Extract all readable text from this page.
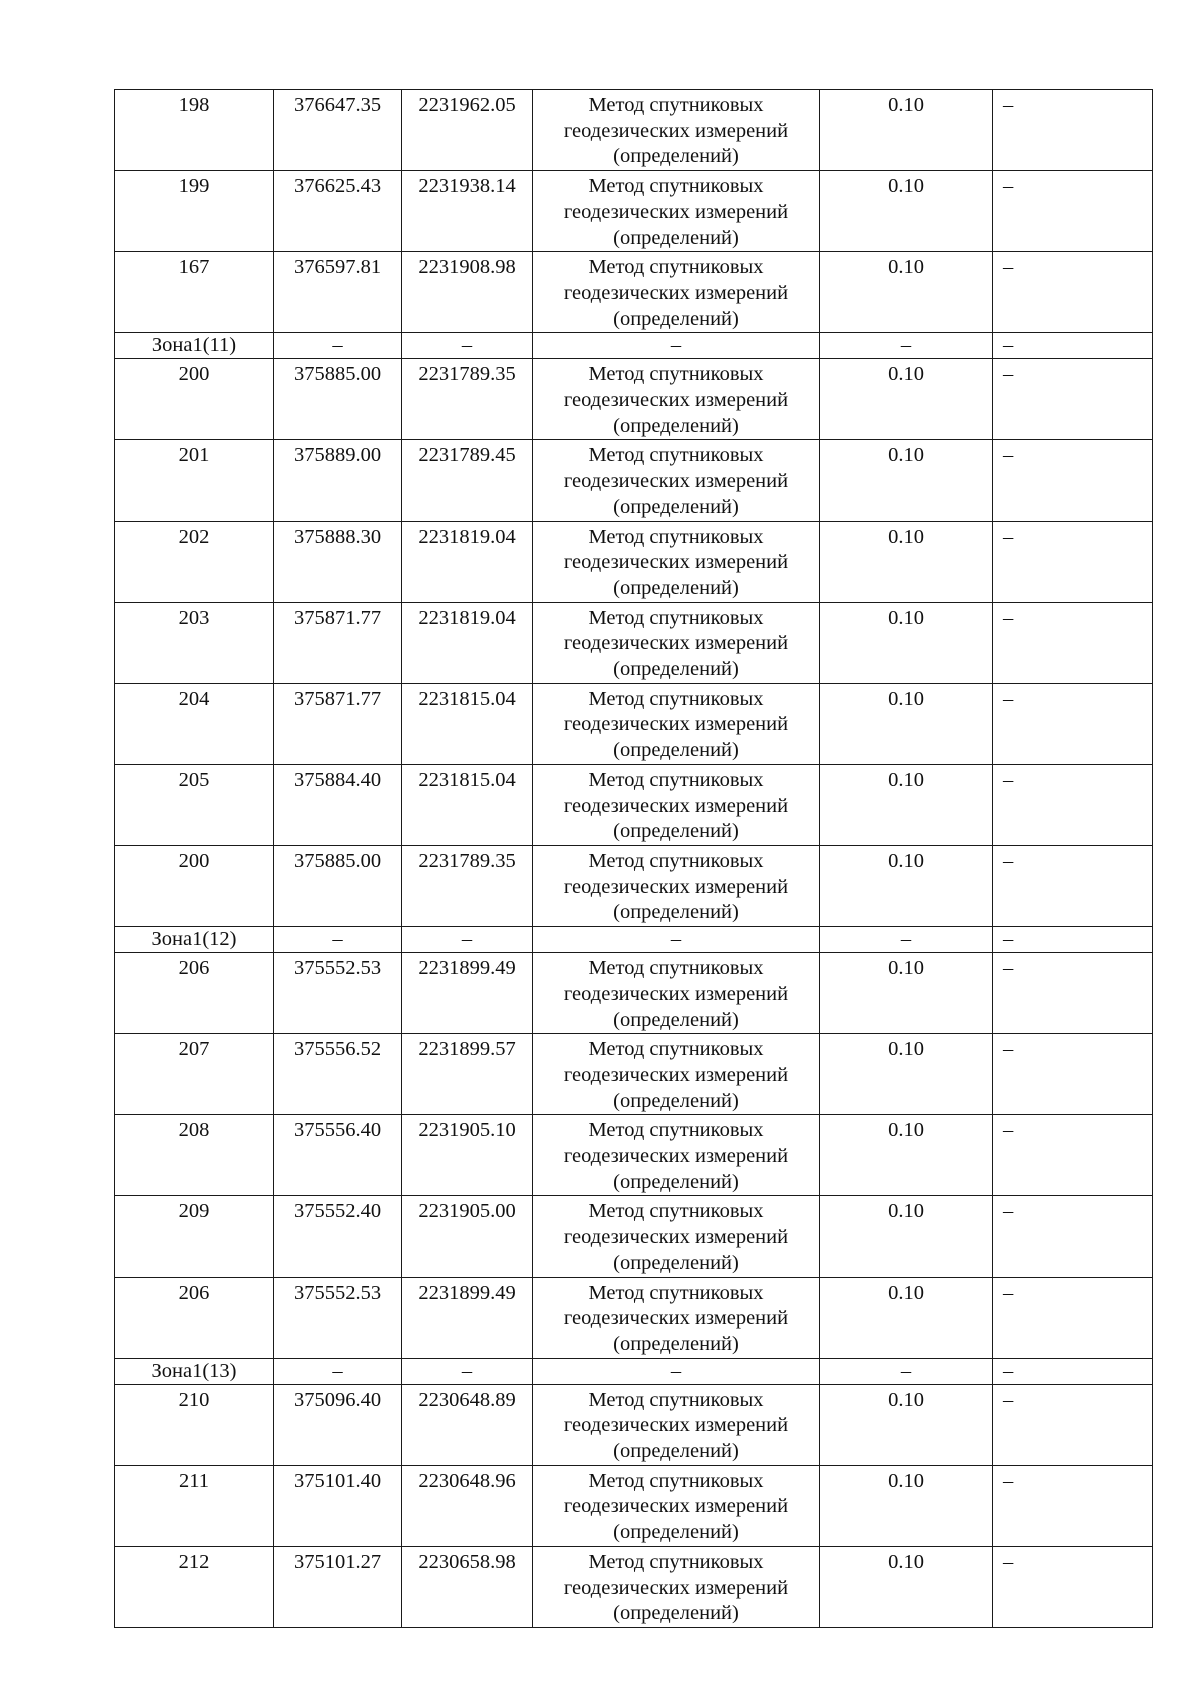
198	376647.35	2231962.05	Метод спутниковых геодезических измерений (определений)	0.10	–
199	376625.43	2231938.14	Метод спутниковых геодезических измерений (определений)	0.10	–
167	376597.81	2231908.98	Метод спутниковых геодезических измерений (определений)	0.10	–
Зона1(11)	–	–	–	–	–
200	375885.00	2231789.35	Метод спутниковых геодезических измерений (определений)	0.10	–
201	375889.00	2231789.45	Метод спутниковых геодезических измерений (определений)	0.10	–
202	375888.30	2231819.04	Метод спутниковых геодезических измерений (определений)	0.10	–
203	375871.77	2231819.04	Метод спутниковых геодезических измерений (определений)	0.10	–
204	375871.77	2231815.04	Метод спутниковых геодезических измерений (определений)	0.10	–
205	375884.40	2231815.04	Метод спутниковых геодезических измерений (определений)	0.10	–
200	375885.00	2231789.35	Метод спутниковых геодезических измерений (определений)	0.10	–
Зона1(12)	–	–	–	–	–
206	375552.53	2231899.49	Метод спутниковых геодезических измерений (определений)	0.10	–
207	375556.52	2231899.57	Метод спутниковых геодезических измерений (определений)	0.10	–
208	375556.40	2231905.10	Метод спутниковых геодезических измерений (определений)	0.10	–
209	375552.40	2231905.00	Метод спутниковых геодезических измерений (определений)	0.10	–
206	375552.53	2231899.49	Метод спутниковых геодезических измерений (определений)	0.10	–
Зона1(13)	–	–	–	–	–
210	375096.40	2230648.89	Метод спутниковых геодезических измерений (определений)	0.10	–
211	375101.40	2230648.96	Метод спутниковых геодезических измерений (определений)	0.10	–
212	375101.27	2230658.98	Метод спутниковых геодезических измерений (определений)	0.10	–
